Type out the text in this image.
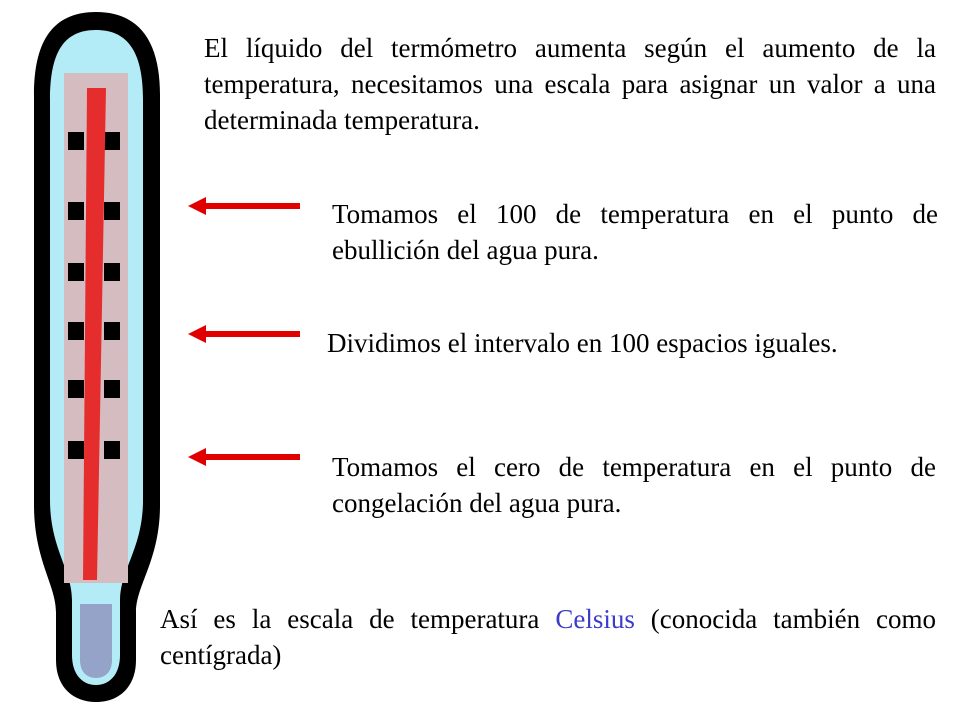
El líquido del termómetro aumenta según el aumento de la temperatura, necesitamos una escala para asignar un valor a una determinada temperatura.

Tomamos el 100 de temperatura en el punto de ebullición del agua pura.

Dividimos el intervalo en 100 espacios iguales.

Tomamos el cero de temperatura en el punto de congelación del agua pura.

Así es la escala de temperatura Celsius (conocida también como centígrada)
